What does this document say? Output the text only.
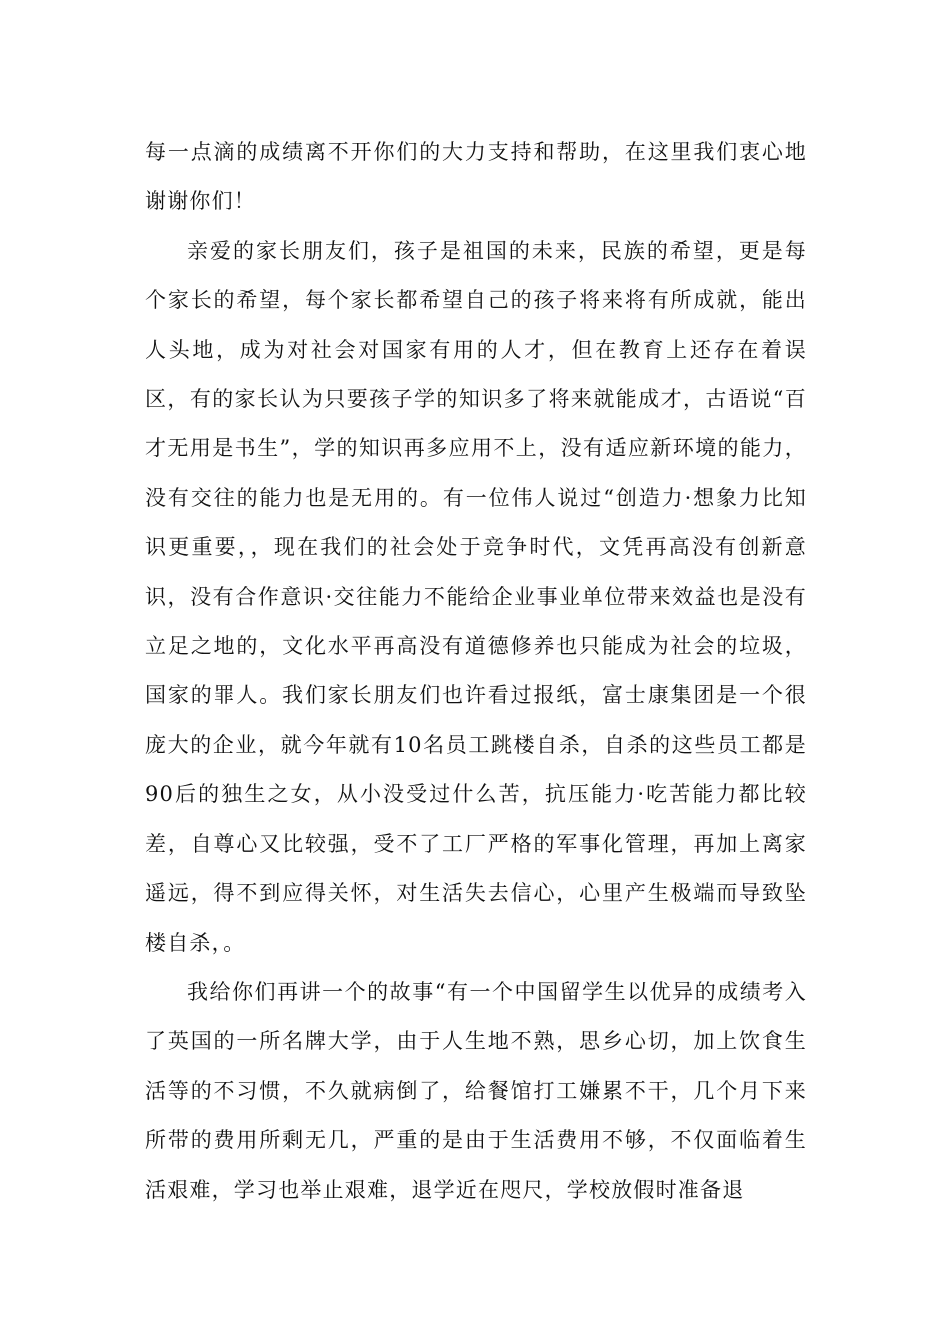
每一点滴的成绩离不开你们的大力支持和帮助，在这里我们衷心地谢谢你们！

亲爱的家长朋友们，孩子是祖国的未来，民族的希望，更是每个家长的希望，每个家长都希望自己的孩子将来将有所成就，能出人头地，成为对社会对国家有用的人才，但在教育上还存在着误区，有的家长认为只要孩子学的知识多了将来就能成才，古语说“百才无用是书生”，学的知识再多应用不上，没有适应新环境的能力，没有交往的能力也是无用的。有一位伟人说过“创造力·想象力比知识更重要，，现在我们的社会处于竞争时代，文凭再高没有创新意识，没有合作意识·交往能力不能给企业事业单位带来效益也是没有立足之地的，文化水平再高没有道德修养也只能成为社会的垃圾，国家的罪人。我们家长朋友们也许看过报纸，富士康集团是一个很庞大的企业，就今年就有10名员工跳楼自杀，自杀的这些员工都是90后的独生之女，从小没受过什么苦，抗压能力·吃苦能力都比较差，自尊心又比较强，受不了工厂严格的军事化管理，再加上离家遥远，得不到应得关怀，对生活失去信心，心里产生极端而导致坠楼自杀，。

我给你们再讲一个的故事“有一个中国留学生以优异的成绩考入了英国的一所名牌大学，由于人生地不熟，思乡心切，加上饮食生活等的不习惯，不久就病倒了，给餐馆打工嫌累不干，几个月下来所带的费用所剩无几，严重的是由于生活费用不够，不仅面临着生活艰难，学习也举止艰难，退学近在咫尺，学校放假时准备退
